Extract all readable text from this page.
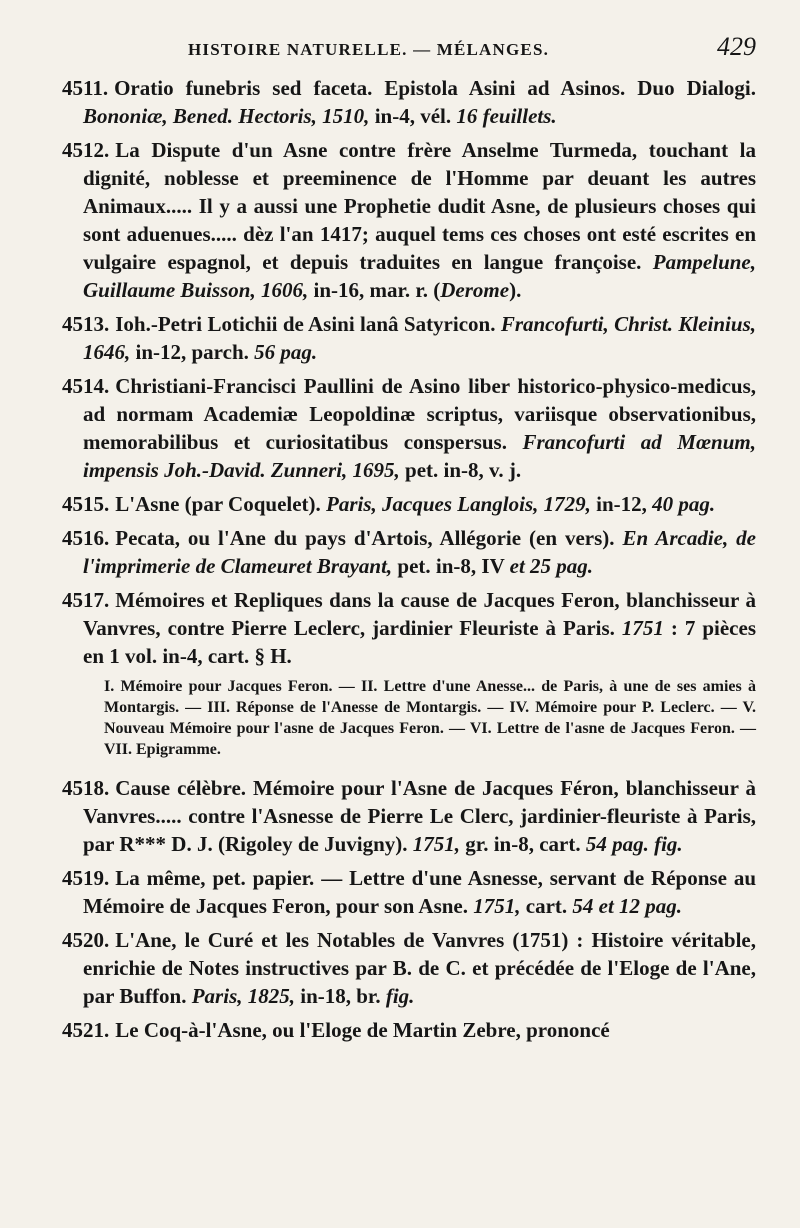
HISTOIRE NATURELLE. — MÉLANGES.	429

4511. Oratio funebris sed faceta. Epistola Asini ad Asinos. Duo Dialogi. Bononiæ, Bened. Hectoris, 1510, in-4, vél. 16 feuillets.

4512. La Dispute d'un Asne contre frère Anselme Turmeda, touchant la dignité, noblesse et preeminence de l'Homme par deuant les autres Animaux..... Il y a aussi une Prophetie dudit Asne, de plusieurs choses qui sont aduenues..... dèz l'an 1417; auquel tems ces choses ont esté escrites en vulgaire espagnol, et depuis traduites en langue françoise. Pampelune, Guillaume Buisson, 1606, in-16, mar. r. (Derome).

4513. Ioh.-Petri Lotichii de Asini lanâ Satyricon. Francofurti, Christ. Kleinius, 1646, in-12, parch. 56 pag.

4514. Christiani-Francisci Paullini de Asino liber historico-physico-medicus, ad normam Academiæ Leopoldinæ scriptus, variisque observationibus, memorabilibus et curiositatibus conspersus. Francofurti ad Mœnum, impensis Joh.-David. Zunneri, 1695, pet. in-8, v. j.

4515. L'Asne (par Coquelet). Paris, Jacques Langlois, 1729, in-12, 40 pag.

4516. Pecata, ou l'Ane du pays d'Artois, Allégorie (en vers). En Arcadie, de l'imprimerie de Clameuret Brayant, pet. in-8, IV et 25 pag.

4517. Mémoires et Repliques dans la cause de Jacques Feron, blanchisseur à Vanvres, contre Pierre Leclerc, jardinier Fleuriste à Paris. 1751 : 7 pièces en 1 vol. in-4, cart. § H.

I. Mémoire pour Jacques Feron. — II. Lettre d'une Anesse... de Paris, à une de ses amies à Montargis. — III. Réponse de l'Anesse de Montargis. — IV. Mémoire pour P. Leclerc. — V. Nouveau Mémoire pour l'asne de Jacques Feron. — VI. Lettre de l'asne de Jacques Feron. — VII. Epigramme.

4518. Cause célèbre. Mémoire pour l'Asne de Jacques Féron, blanchisseur à Vanvres..... contre l'Asnesse de Pierre Le Clerc, jardinier-fleuriste à Paris, par R*** D. J. (Rigoley de Juvigny). 1751, gr. in-8, cart. 54 pag. fig.

4519. La même, pet. papier. — Lettre d'une Asnesse, servant de Réponse au Mémoire de Jacques Feron, pour son Asne. 1751, cart. 54 et 12 pag.

4520. L'Ane, le Curé et les Notables de Vanvres (1751) : Histoire véritable, enrichie de Notes instructives par B. de C. et précédée de l'Eloge de l'Ane, par Buffon. Paris, 1825, in-18, br. fig.

4521. Le Coq-à-l'Asne, ou l'Eloge de Martin Zebre, prononcé
